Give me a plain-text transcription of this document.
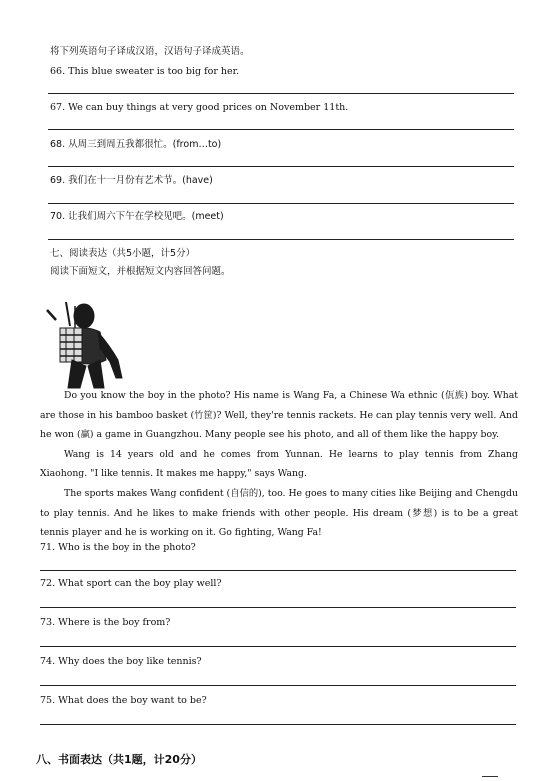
将下列英语句子译成汉语，汉语句子译成英语。
66. This blue sweater is too big for her.
67. We can buy things at very good prices on November 11th.
68. 从周三到周五我都很忙。(from…to)
69. 我们在十一月份有艺术节。(have)
70. 让我们周六下午在学校见吧。(meet)
七、阅读表达（共5小题，计5分）
阅读下面短文，并根据短文内容回答问题。

Do you know the boy in the photo? His name is Wang Fa, a Chinese Wa ethnic (佤族) boy. What are those in his bamboo basket (竹筐)? Well, they're tennis rackets. He can play tennis very well. And he won (赢) a game in Guangzhou. Many people see his photo, and all of them like the happy boy.

Wang is 14 years old and he comes from Yunnan. He learns to play tennis from Zhang Xiaohong. "I like tennis. It makes me happy," says Wang.

The sports makes Wang confident (自信的), too. He goes to many cities like Beijing and Chengdu to play tennis. And he likes to make friends with other people. His dream (梦想) is to be a great tennis player and he is working on it. Go fighting, Wang Fa!

71. Who is the boy in the photo?
72. What sport can the boy play well?
73. Where is the boy from?
74. Why does the boy like tennis?
75. What does the boy want to be?
八、书面表达（共1题，计20分）
